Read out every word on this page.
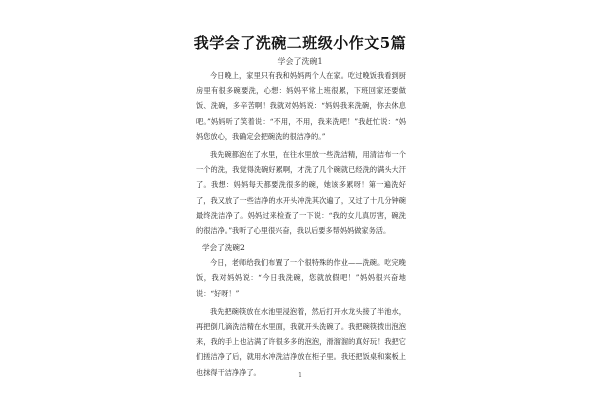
我学会了洗碗二班级小作文5篇
学会了洗碗1

今日晚上，家里只有我和妈妈两个人在家。吃过晚饭我看到厨房里有很多碗要洗，心想：妈妈平常上班很累，下班回家还要做饭、洗碗，多辛苦啊！我就对妈妈说：“妈妈我来洗碗，你去休息吧。”妈妈听了笑着说：“不用，不用，我来洗吧！”我赶忙说：“妈妈您放心，我确定会把碗洗的很洁净的。”

我先碗都泡在了水里，在往水里放一些洗洁精，用清洁布一个一个的洗，我觉得洗碗好累啊，才洗了几个碗就已经洗的满头大汗了。我想：妈妈每天都要洗很多的碗，她该多累呀！第一遍洗好了，我又放了一些洁净的水开头冲洗其次遍了，又过了十几分钟碗最终洗洁净了。妈妈过来检查了一下说：“我的女儿真厉害，碗洗的很洁净。”我听了心里很兴奋，我以后要多帮妈妈做家务活。

学会了洗碗2

今日，老师给我们布置了一个很特殊的作业——洗碗。吃完晚饭，我对妈妈说：“今日我洗碗，您就放假吧！”妈妈很兴奋地说：“好呀！”

我先把碗筷放在水池里浸泡着，然后打开水龙头接了半池水，再把倒几滴洗洁精在水里面，我就开头洗碗了。我把碗筷拨出泡泡来，我的手上也沾满了许很多多的泡泡，滑溜溜的真好玩！我把它们搓洁净了后，就用水冲洗洁净放在柜子里。我还把饭桌和案板上也抹得干洁净净了。	1
